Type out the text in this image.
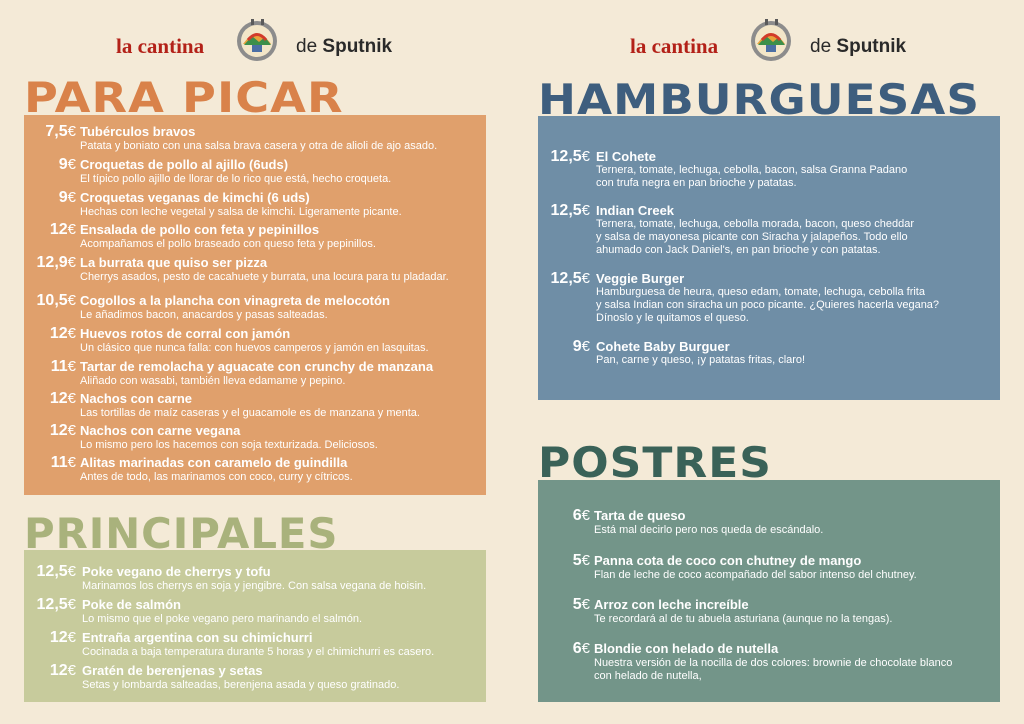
la cantina	de Sputnik	la cantina	de Sputnik
PARA PICAR
PRINCIPALES
HAMBURGUESAS
POSTRES
7,5€ Tubérculos bravos
Patata y boniato con una salsa brava casera y otra de alioli de ajo asado.
9€ Croquetas de pollo al ajillo (6uds)
El típico pollo ajillo de llorar de lo rico que está, hecho croqueta.
9€ Croquetas veganas de kimchi (6 uds)
Hechas con leche vegetal y salsa de kimchi. Ligeramente picante.
12€ Ensalada de pollo con feta y pepinillos
Acompañamos el pollo braseado con queso feta y pepinillos.
12,9€ La burrata que quiso ser pizza
Cherrys asados, pesto de cacahuete y burrata, una locura para tu pladadar.
10,5€ Cogollos a la plancha con vinagreta de melocotón
Le añadimos bacon, anacardos y pasas salteadas.
12€ Huevos rotos de corral con jamón
Un clásico que nunca falla: con huevos camperos y jamón en lasquitas.
11€ Tartar de remolacha y aguacate con crunchy de manzana
Aliñado con wasabi, también lleva edamame y pepino.
12€ Nachos con carne
Las tortillas de maíz caseras y el guacamole es de manzana y menta.
12€ Nachos con carne vegana
Lo mismo pero los hacemos con soja texturizada. Deliciosos.
11€ Alitas marinadas con caramelo de guindilla
Antes de todo, las marinamos con coco, curry y cítricos.
12,5€ Poke vegano de cherrys y tofu
Marinamos los cherrys en soja y jengibre. Con salsa vegana de hoisin.
12,5€ Poke de salmón
Lo mismo que el poke vegano pero marinando el salmón.
12€ Entraña argentina con su chimichurri
Cocinada a baja temperatura durante 5 horas y el chimichurri es casero.
12€ Gratén de berenjenas y setas
Setas y lombarda salteadas, berenjena asada y queso gratinado.
12,5€ El Cohete
Ternera, tomate, lechuga, cebolla, bacon, salsa Granna Padano
con trufa negra en pan brioche y patatas.
12,5€ Indian Creek
Ternera, tomate, lechuga, cebolla morada, bacon, queso cheddar
y salsa de mayonesa picante con Siracha y jalapeños. Todo ello
ahumado con Jack Daniel's, en pan brioche y con patatas.
12,5€ Veggie Burger
Hamburguesa de heura, queso edam, tomate, lechuga, cebolla frita
y salsa Indian con siracha un poco picante. ¿Quieres hacerla vegana?
Dínoslo y le quitamos el queso.
9€ Cohete Baby Burguer
Pan, carne y queso, ¡y patatas fritas, claro!
6€ Tarta de queso
Está mal decirlo pero nos queda de escándalo.
5€ Panna cota de coco con chutney de mango
Flan de leche de coco acompañado del sabor intenso del chutney.
5€ Arroz con leche increíble
Te recordará al de tu abuela asturiana (aunque no la tengas).
6€ Blondie con helado de nutella
Nuestra versión de la nocilla de dos colores: brownie de chocolate blanco
con helado de nutella,
